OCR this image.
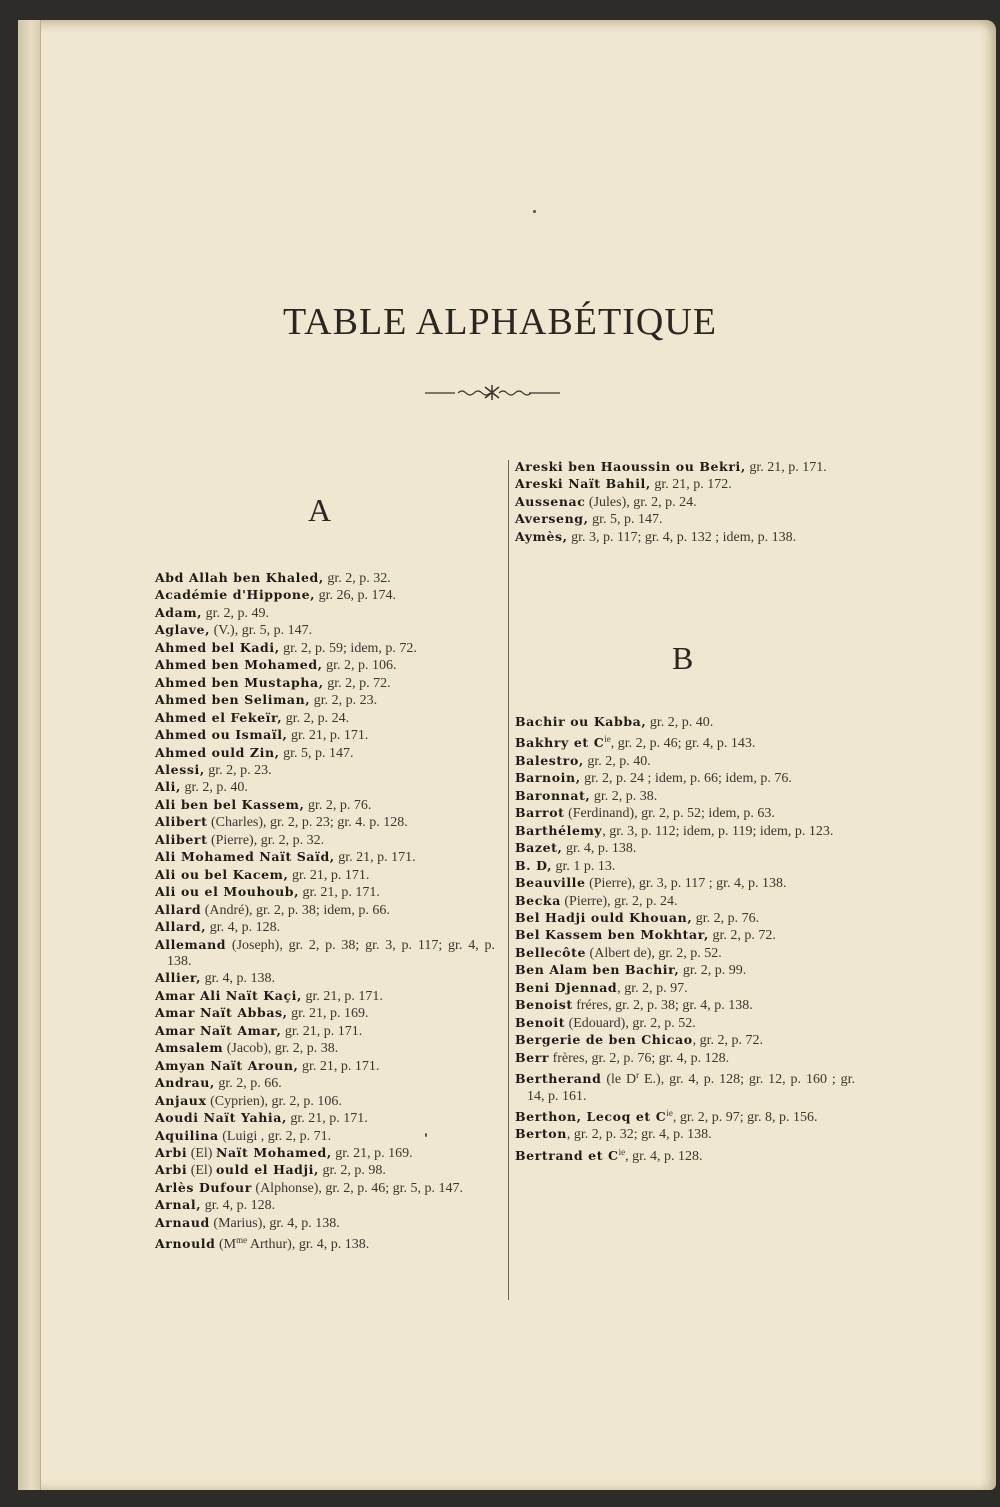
TABLE ALPHABÉTIQUE
A
B
Abd Allah ben Khaled, gr. 2, p. 32.
Académie d'Hippone, gr. 26, p. 174.
Adam, gr. 2, p. 49.
Aglave, (V.), gr. 5, p. 147.
Ahmed bel Kadi, gr. 2, p. 59; idem, p. 72.
Ahmed ben Mohamed, gr. 2, p. 106.
Ahmed ben Mustapha, gr. 2, p. 72.
Ahmed ben Seliman, gr. 2, p. 23.
Ahmed el Fekeïr, gr. 2, p. 24.
Ahmed ou Ismaïl, gr. 21, p. 171.
Ahmed ould Zin, gr. 5, p. 147.
Alessi, gr. 2, p. 23.
Ali, gr. 2, p. 40.
Ali ben bel Kassem, gr. 2, p. 76.
Alibert (Charles), gr. 2, p. 23; gr. 4. p. 128.
Alibert (Pierre), gr. 2, p. 32.
Ali Mohamed Naït Saïd, gr. 21, p. 171.
Ali ou bel Kacem, gr. 21, p. 171.
Ali ou el Mouhoub, gr. 21, p. 171.
Allard (André), gr. 2, p. 38; idem, p. 66.
Allard, gr. 4, p. 128.
Allemand (Joseph), gr. 2, p. 38; gr. 3, p. 117; gr. 4, p. 138.
Allier, gr. 4, p. 138.
Amar Ali Naït Kaçi, gr. 21, p. 171.
Amar Naït Abbas, gr. 21, p. 169.
Amar Naït Amar, gr. 21, p. 171.
Amsalem (Jacob), gr. 2, p. 38.
Amyan Naït Aroun, gr. 21, p. 171.
Andrau, gr. 2, p. 66.
Anjaux (Cyprien), gr. 2, p. 106.
Aoudi Naït Yahia, gr. 21, p. 171.
Aquilina (Luigi , gr. 2, p. 71.
Arbi (El) Naït Mohamed, gr. 21, p. 169.
Arbi (El) ould el Hadji, gr. 2, p. 98.
Arlès Dufour (Alphonse), gr. 2, p. 46; gr. 5, p. 147.
Arnal, gr. 4, p. 128.
Arnaud (Marius), gr. 4, p. 138.
Arnould ($M^{me}$ Arthur), gr. 4, p. 138.
Areski ben Haoussin ou Bekri, gr. 21, p. 171.
Areski Naït Bahil, gr. 21, p. 172.
Aussenac (Jules), gr. 2, p. 24.
Averseng, gr. 5, p. 147.
Aymès, gr. 3, p. 117; gr. 4, p. 132 ; idem, p. 138.
Bachir ou Kabba, gr. 2, p. 40.
Bakhry et $C^{ie}$, gr. 2, p. 46; gr. 4, p. 143.
Balestro, gr. 2, p. 40.
Barnoin, gr. 2, p. 24 ; idem, p. 66; idem, p. 76.
Baronnat, gr. 2, p. 38.
Barrot (Ferdinand), gr. 2, p. 52; idem, p. 63.
Barthélemy, gr. 3, p. 112; idem, p. 119; idem, p. 123.
Bazet, gr. 4, p. 138.
B. D, gr. 1 p. 13.
Beauville (Pierre), gr. 3, p. 117 ; gr. 4, p. 138.
Becka (Pierre), gr. 2, p. 24.
Bel Hadji ould Khouan, gr. 2, p. 76.
Bel Kassem ben Mokhtar, gr. 2, p. 72.
Bellecôte (Albert de), gr. 2, p. 52.
Ben Alam ben Bachir, gr. 2, p. 99.
Beni Djennad, gr. 2, p. 97.
Benoist fréres, gr. 2, p. 38; gr. 4, p. 138.
Benoit (Edouard), gr. 2, p. 52.
Bergerie de ben Chicao, gr. 2, p. 72.
Berr frères, gr. 2, p. 76; gr. 4, p. 128.
Bertherand (le $D^r$ E.), gr. 4, p. 128; gr. 12, p. 160 ; gr. 14, p. 161.
Berthon, Lecoq et $C^{ie}$, gr. 2, p. 97; gr. 8, p. 156.
Berton, gr. 2, p. 32; gr. 4, p. 138.
Bertrand et $C^{ie}$, gr. 4, p. 128.
